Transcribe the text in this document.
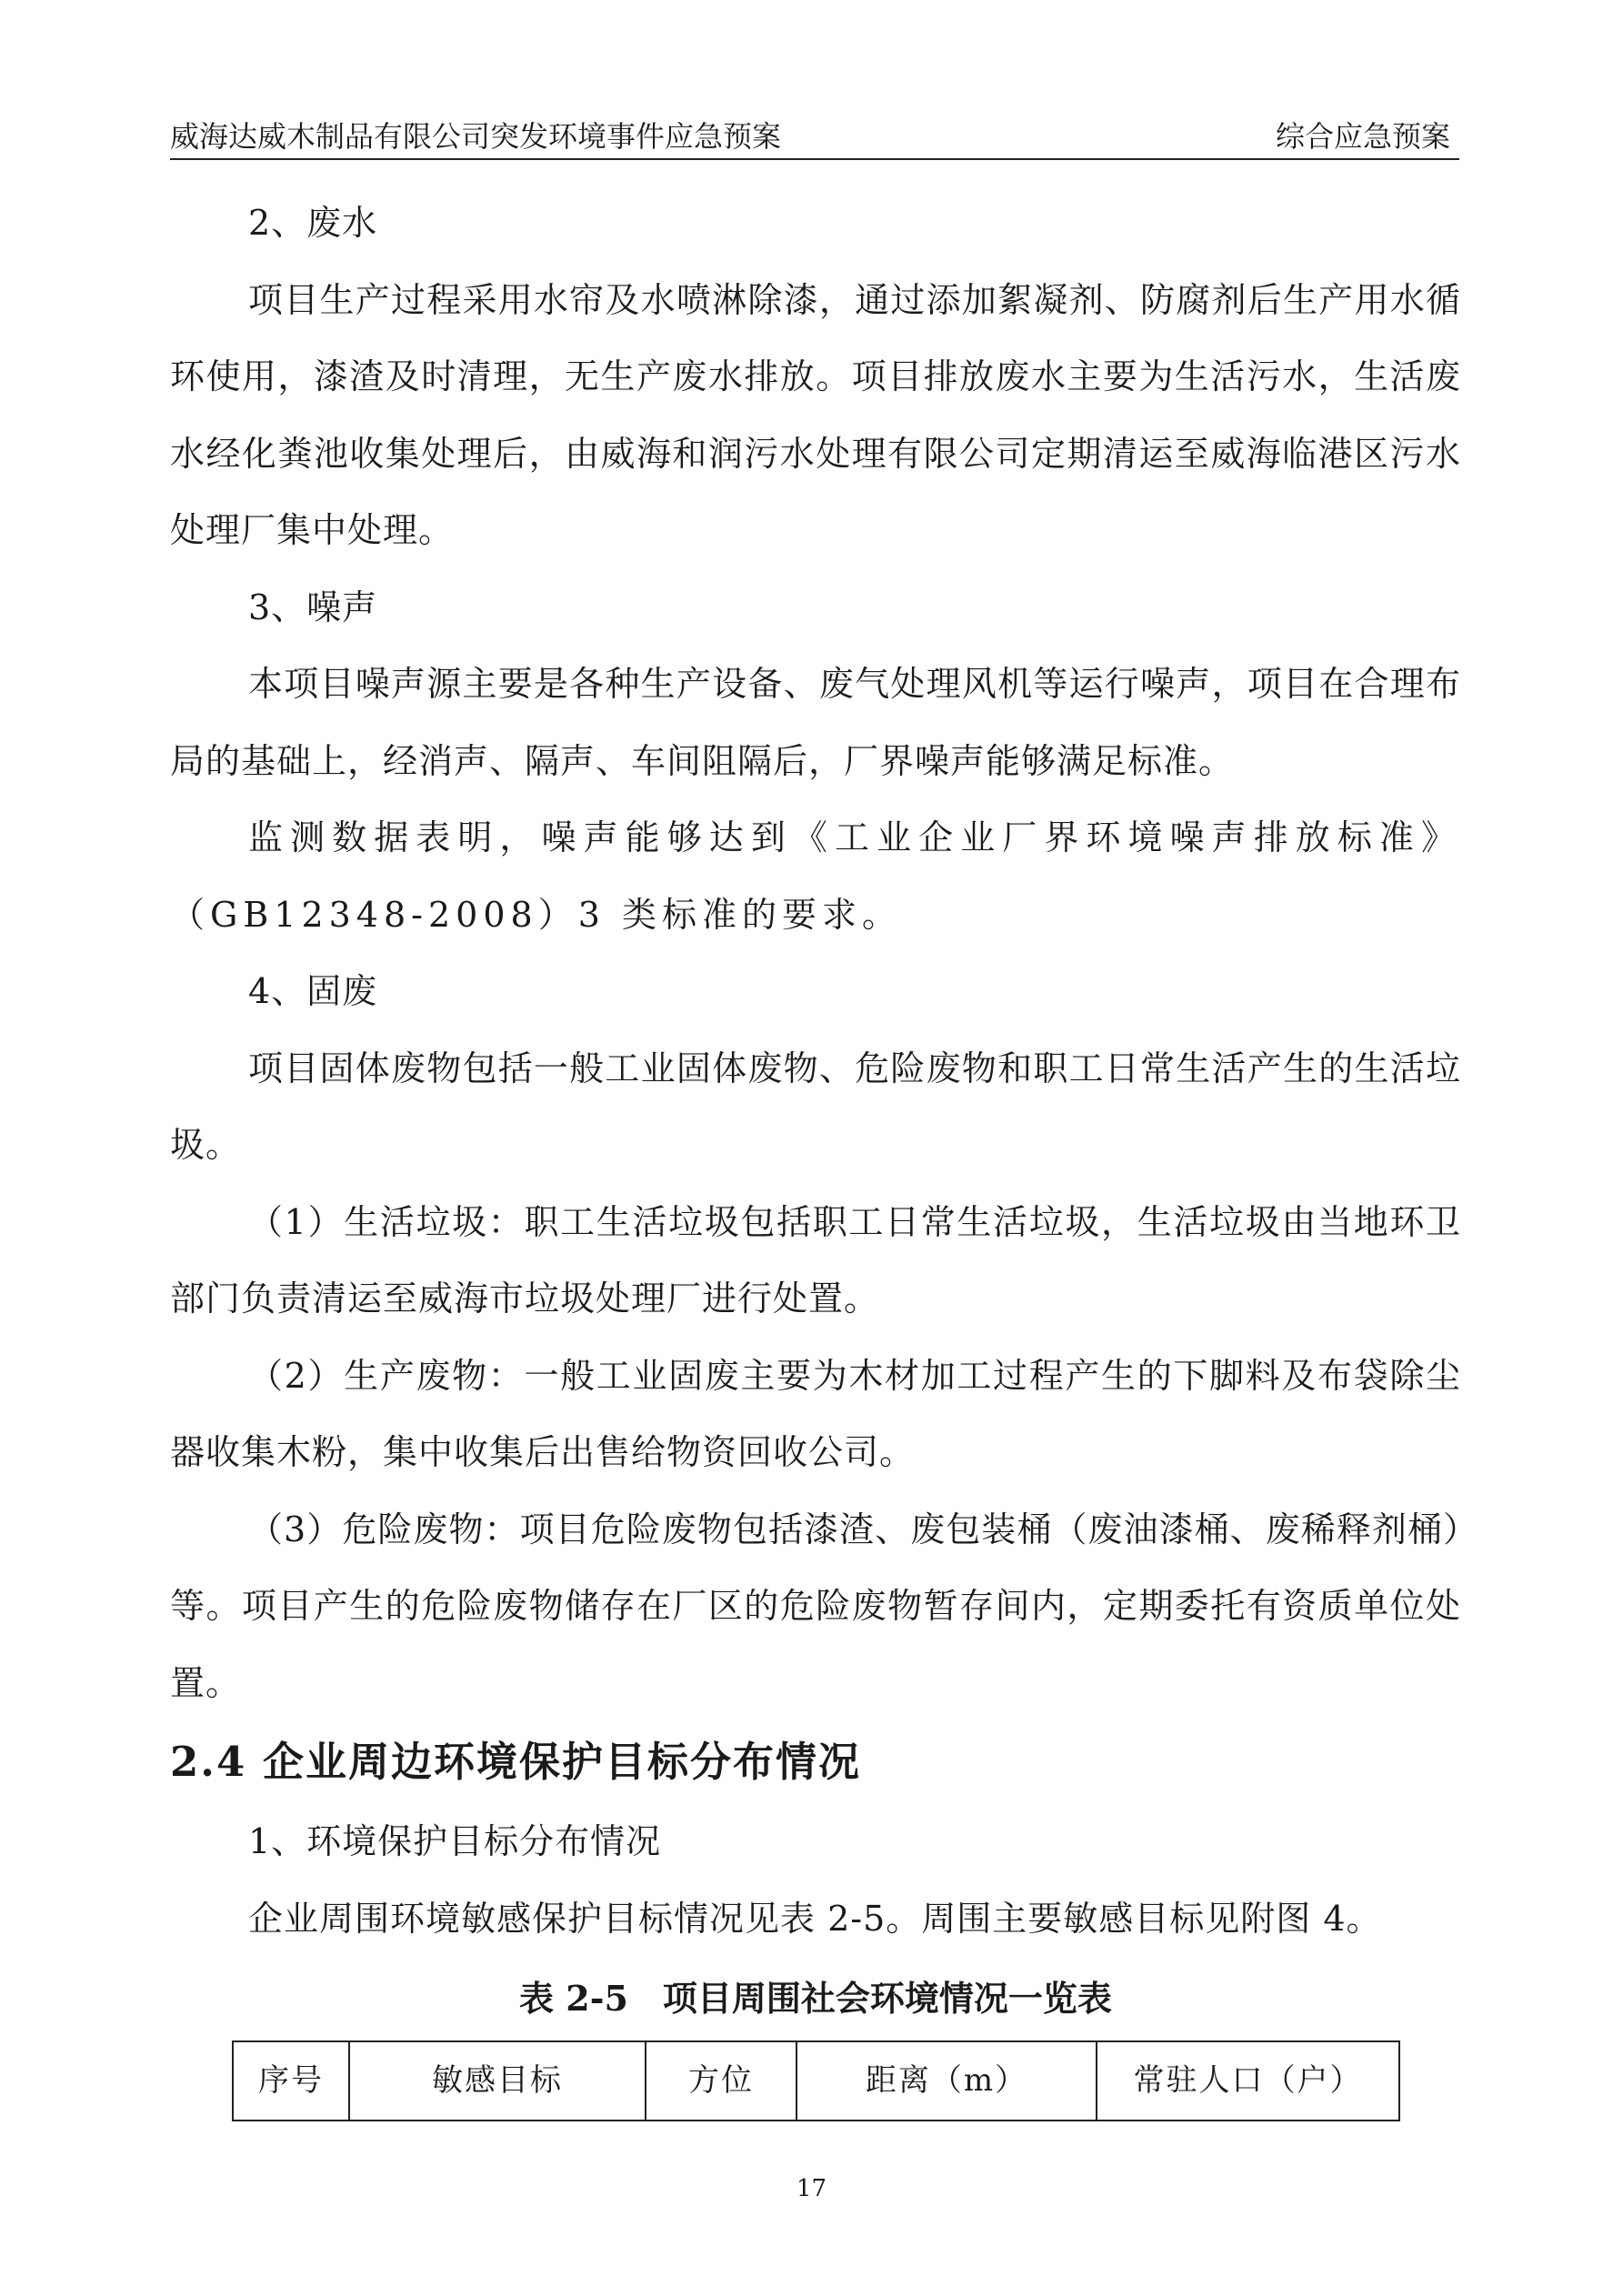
威海达威木制品有限公司突发环境事件应急预案	综合应急预案

2、废水

项目生产过程采用水帘及水喷淋除漆，通过添加絮凝剂、防腐剂后生产用水循环使用，漆渣及时清理，无生产废水排放。项目排放废水主要为生活污水，生活废水经化粪池收集处理后，由威海和润污水处理有限公司定期清运至威海临港区污水处理厂集中处理。

3、噪声

本项目噪声源主要是各种生产设备、废气处理风机等运行噪声，项目在合理布局的基础上，经消声、隔声、车间阻隔后，厂界噪声能够满足标准。

监测数据表明，噪声能够达到《工业企业厂界环境噪声排放标准》（GB12348-2008）3 类标准的要求。

4、固废

项目固体废物包括一般工业固体废物、危险废物和职工日常生活产生的生活垃圾。

（1）生活垃圾：职工生活垃圾包括职工日常生活垃圾，生活垃圾由当地环卫部门负责清运至威海市垃圾处理厂进行处置。

（2）生产废物：一般工业固废主要为木材加工过程产生的下脚料及布袋除尘器收集木粉，集中收集后出售给物资回收公司。

（3）危险废物：项目危险废物包括漆渣、废包装桶（废油漆桶、废稀释剂桶）等。项目产生的危险废物储存在厂区的危险废物暂存间内，定期委托有资质单位处置。

2.4 企业周边环境保护目标分布情况

1、环境保护目标分布情况

企业周围环境敏感保护目标情况见表 2-5。周围主要敏感目标见附图 4。

表 2-5　项目周围社会环境情况一览表

序号	敏感目标	方位	距离（m）	常驻人口（户）
17
